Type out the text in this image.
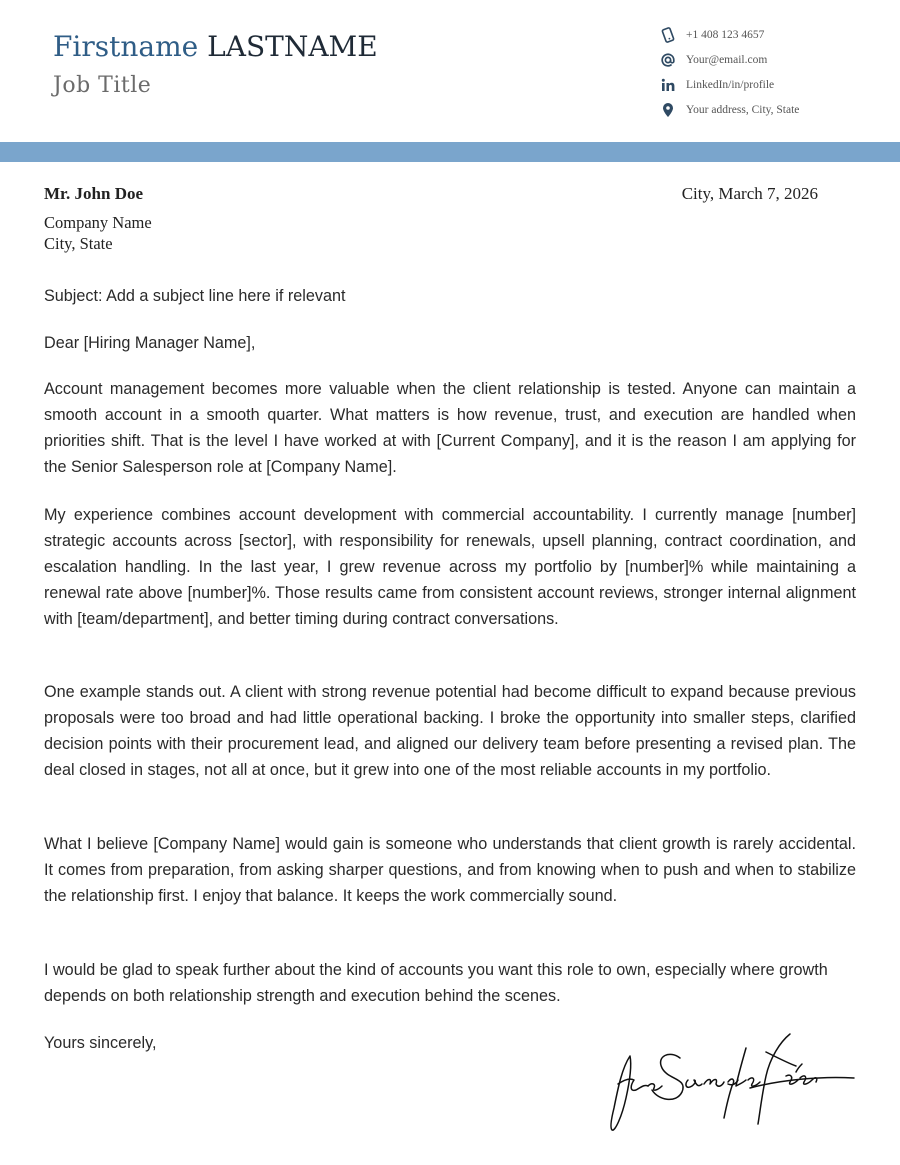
Firstname LASTNAME
Job Title
+1 408 123 4657
Your@email.com
LinkedIn/in/profile
Your address, City, State
Mr. John Doe
Company Name
City, State
City, March 7, 2026
Subject: Add a subject line here if relevant
Dear [Hiring Manager Name],

Account management becomes more valuable when the client relationship is tested. Anyone can maintain a smooth account in a smooth quarter. What matters is how revenue, trust, and execution are handled when priorities shift. That is the level I have worked at with [Current Company], and it is the reason I am applying for the Senior Salesperson role at [Company Name].

My experience combines account development with commercial accountability. I currently manage [number] strategic accounts across [sector], with responsibility for renewals, upsell planning, contract coordination, and escalation handling. In the last year, I grew revenue across my portfolio by [number]% while maintaining a renewal rate above [number]%. Those results came from consistent account reviews, stronger internal alignment with [team/department], and better timing during contract conversations.

One example stands out. A client with strong revenue potential had become difficult to expand because previous proposals were too broad and had little operational backing. I broke the opportunity into smaller steps, clarified decision points with their procurement lead, and aligned our delivery team before presenting a revised plan. The deal closed in stages, not all at once, but it grew into one of the most reliable accounts in my portfolio.

What I believe [Company Name] would gain is someone who understands that client growth is rarely accidental. It comes from preparation, from asking sharper questions, and from knowing when to push and when to stabilize the relationship first. I enjoy that balance. It keeps the work commercially sound.

I would be glad to speak further about the kind of accounts you want this role to own, especially where growth depends on both relationship strength and execution behind the scenes.

Yours sincerely,
